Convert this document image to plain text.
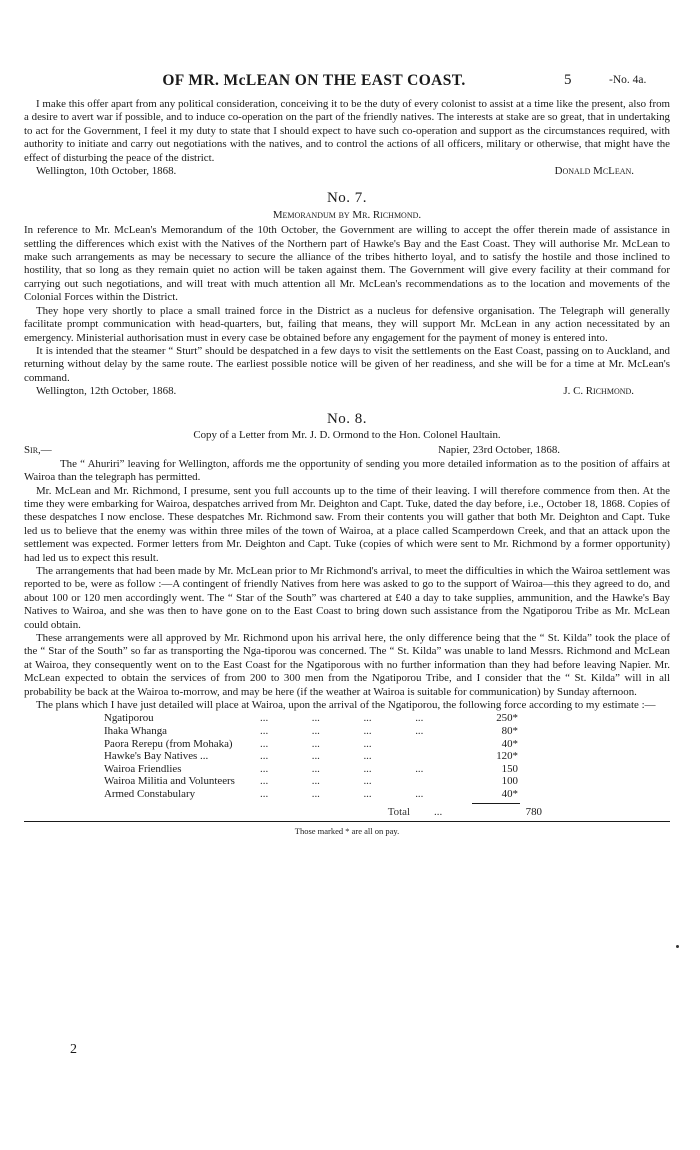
OF MR. McLEAN ON THE EAST COAST.	5	-No. 4a.

I make this offer apart from any political consideration, conceiving it to be the duty of every colonist to assist at a time like the present, also from a desire to avert war if possible, and to induce co-operation on the part of the friendly natives. The interests at stake are so great, that in undertaking to act for the Government, I feel it my duty to state that I should expect to have such co-operation and support as the circumstances required, with authority to initiate and carry out negotiations with the natives, and to control the actions of all officers, military or otherwise, that might have the effect of disturbing the peace of the district.

Wellington, 10th October, 1868.	Donald McLean.
No. 7.
Memorandum by Mr. Richmond.

In reference to Mr. McLean's Memorandum of the 10th October, the Government are willing to accept the offer therein made of assistance in settling the differences which exist with the Natives of the Northern part of Hawke's Bay and the East Coast. They will authorise Mr. McLean to make such arrangements as may be necessary to secure the alliance of the tribes hitherto loyal, and to satisfy the hostile and those inclined to hostility, that so long as they remain quiet no action will be taken against them. The Government will give every facility at their command for carrying out such negotiations, and will treat with much attention all Mr. McLean's recommendations as to the location and movements of the Colonial Forces within the District.

They hope very shortly to place a small trained force in the District as a nucleus for defensive organisation. The Telegraph will generally facilitate prompt communication with head-quarters, but, failing that means, they will support Mr. McLean in any action necessitated by an emergency. Ministerial authorisation must in every case be obtained before any engagement for the payment of money is entered into.

It is intended that the steamer “ Sturt” should be despatched in a few days to visit the settlements on the East Coast, passing on to Auckland, and returning without delay by the same route. The earliest possible notice will be given of her readiness, and she will be for a time at Mr. McLean's command.

Wellington, 12th October, 1868.	J. C. Richmond.
No. 8.
Copy of a Letter from Mr. J. D. Ormond to the Hon. Colonel Haultain.
Sir,—	Napier, 23rd October, 1868.

The “ Ahuriri” leaving for Wellington, affords me the opportunity of sending you more detailed information as to the position of affairs at Wairoa than the telegraph has permitted.

Mr. McLean and Mr. Richmond, I presume, sent you full accounts up to the time of their leaving. I will therefore commence from then. At the time they were embarking for Wairoa, despatches arrived from Mr. Deighton and Capt. Tuke, dated the day before, i.e., October 18, 1868. Copies of these despatches I now enclose. These despatches Mr. Richmond saw. From their contents you will gather that both Mr. Deighton and Capt. Tuke led us to believe that the enemy was within three miles of the town of Wairoa, at a place called Scamperdown Creek, and that an attack upon the settlement was expected. Former letters from Mr. Deighton and Capt. Tuke (copies of which were sent to Mr. Richmond by a former opportunity) had led us to expect this result.

The arrangements that had been made by Mr. McLean prior to Mr Richmond's arrival, to meet the difficulties in which the Wairoa settlement was reported to be, were as follow :—A contingent of friendly Natives from here was asked to go to the support of Wairoa—this they agreed to do, and about 100 or 120 men accordingly went. The “ Star of the South” was chartered at £40 a day to take supplies, ammunition, and the Hawke's Bay Natives to Wairoa, and she was then to have gone on to the East Coast to bring down such assistance from the Ngatiporou Tribe as Mr. McLean could obtain.

These arrangements were all approved by Mr. Richmond upon his arrival here, the only difference being that the “ St. Kilda” took the place of the “ Star of the South” so far as transporting the Nga-tiporou was concerned. The “ St. Kilda” was unable to land Messrs. Richmond and McLean at Wairoa, they consequently went on to the East Coast for the Ngatiporous with no further information than they had before leaving Napier. Mr. McLean expected to obtain the services of from 200 to 300 men from the Ngatiporou Tribe, and I consider that the “ St. Kilda” will in all probability be back at the Wairoa to-morrow, and may be here (if the weather at Wairoa is suitable for communication) by Sunday afternoon.

The plans which I have just detailed will place at Wairoa, upon the arrival of the Ngatiporou, the following force according to my estimate :—

Ngatiporou	...                ...                ...                ...	250*
Ihaka Whanga	...                ...                ...                ...	80*
Paora Rerepu (from Mohaka)	...                ...                ...	40*
Hawke's Bay Natives ...	...                ...                ...	120*
Wairoa Friendlies	...                ...                ...                ...	150
Wairoa Militia and Volunteers	...                ...                ...	100
Armed Constabulary	...                ...                ...                ...	40*
	Total	...	780
Those marked * are all on pay.
2
